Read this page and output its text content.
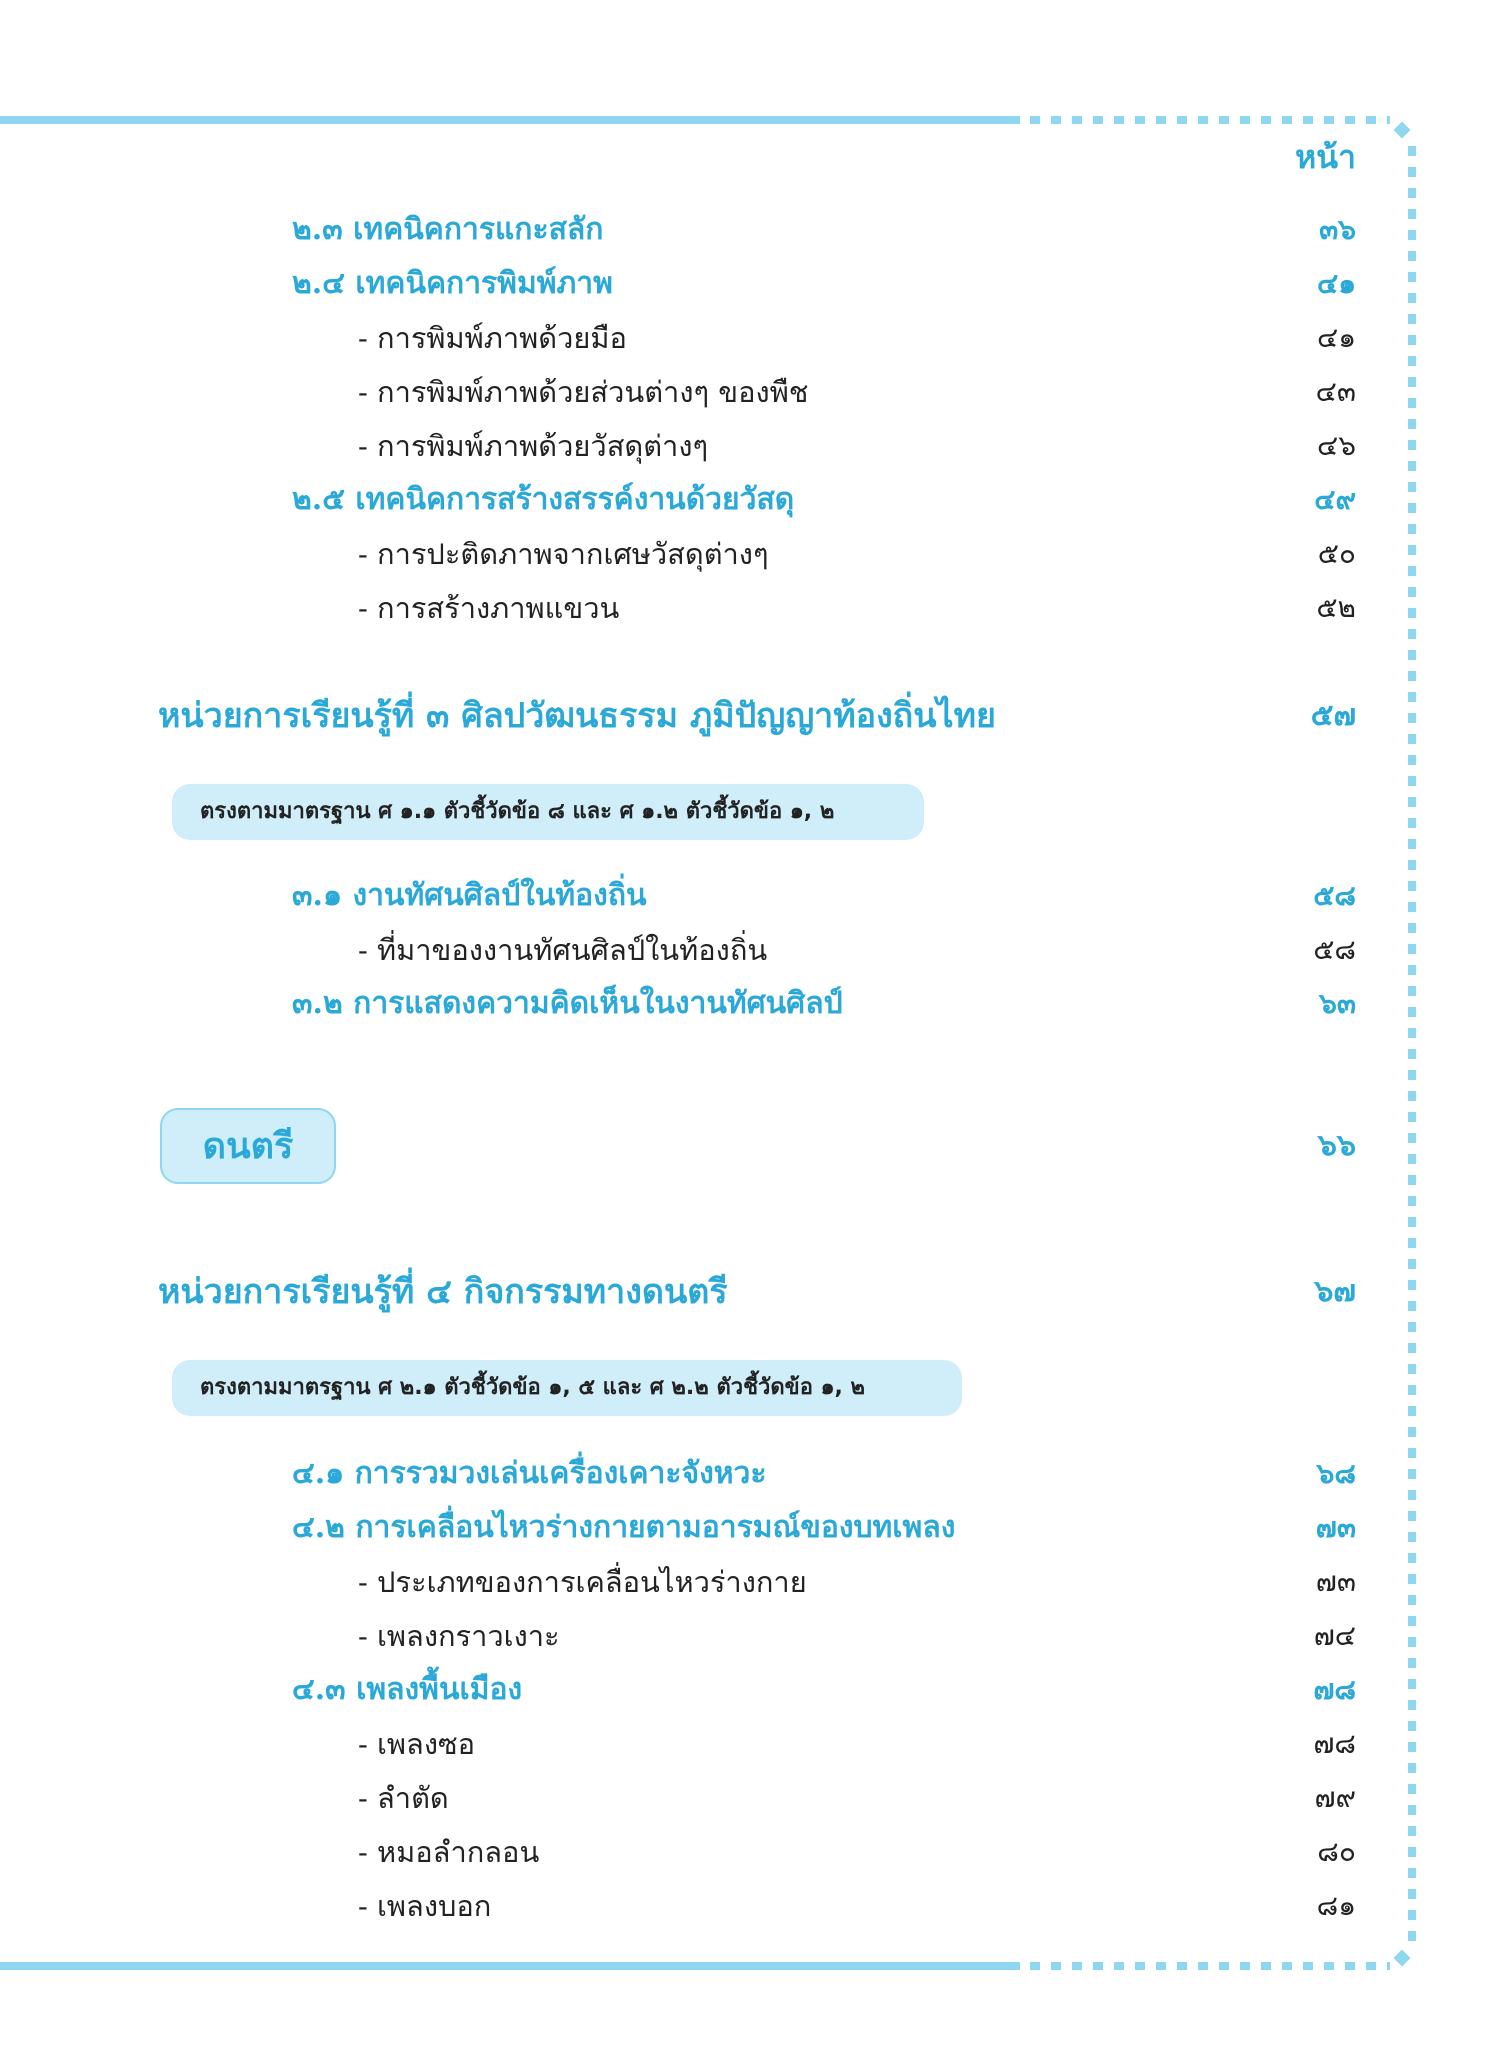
หน้า
๒.๓ เทคนิคการแกะสลัก	๓๖
๒.๔ เทคนิคการพิมพ์ภาพ	๔๑
- การพิมพ์ภาพด้วยมือ	๔๑
- การพิมพ์ภาพด้วยส่วนต่างๆ ของพืช	๔๓
- การพิมพ์ภาพด้วยวัสดุต่างๆ	๔๖
๒.๕ เทคนิคการสร้างสรรค์งานด้วยวัสดุ	๔๙
- การปะติดภาพจากเศษวัสดุต่างๆ	๕๐
- การสร้างภาพแขวน	๕๒
หน่วยการเรียนรู้ที่ ๓ ศิลปวัฒนธรรม ภูมิปัญญาท้องถิ่นไทย	๕๗
ตรงตามมาตรฐาน ศ ๑.๑ ตัวชี้วัดข้อ ๘ และ ศ ๑.๒ ตัวชี้วัดข้อ ๑, ๒
๓.๑ งานทัศนศิลป์ในท้องถิ่น	๕๘
- ที่มาของงานทัศนศิลป์ในท้องถิ่น	๕๘
๓.๒ การแสดงความคิดเห็นในงานทัศนศิลป์	๖๓
ดนตรี	๖๖
หน่วยการเรียนรู้ที่ ๔ กิจกรรมทางดนตรี	๖๗
ตรงตามมาตรฐาน ศ ๒.๑ ตัวชี้วัดข้อ ๑, ๕ และ ศ ๒.๒ ตัวชี้วัดข้อ ๑, ๒
๔.๑ การรวมวงเล่นเครื่องเคาะจังหวะ	๖๘
๔.๒ การเคลื่อนไหวร่างกายตามอารมณ์ของบทเพลง	๗๓
- ประเภทของการเคลื่อนไหวร่างกาย	๗๓
- เพลงกราวเงาะ	๗๔
๔.๓ เพลงพื้นเมือง	๗๘
- เพลงซอ	๗๘
- ลำตัด	๗๙
- หมอลำกลอน	๘๐
- เพลงบอก	๘๑
